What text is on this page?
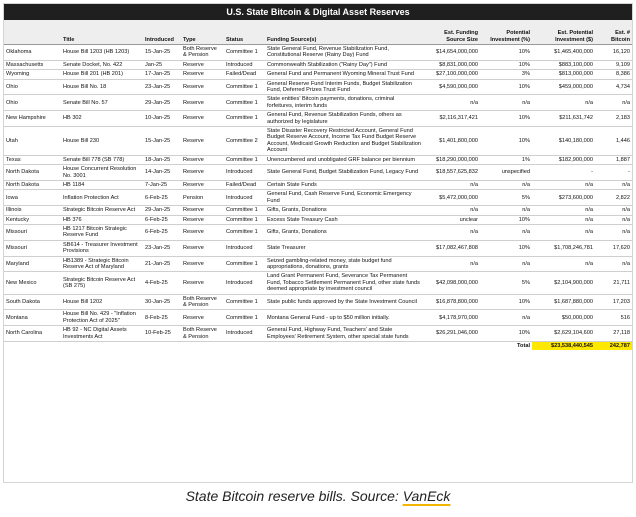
U.S. State Bitcoin & Digital Asset Reserves
	Title	Introduced	Type	Status	Funding Source(s)	Est. Funding Source Size	Potential Investment (%)	Est. Potential Investment ($)	Est. # Bitcoin
Oklahoma	House Bill 1203 (HB 1203)	15-Jan-25	Both Reserve & Pension	Committee 1	State General Fund, Revenue Stabilization Fund, Constitutional Reserve (Rainy Day) Fund	$14,654,000,000	10%	$1,465,400,000	16,120
Massachusetts	Senate Docket, No. 422	Jan-25	Reserve	Introduced	Commonwealth Stabilization ("Rainy Day") Fund	$8,831,000,000	10%	$883,100,000	9,109
Wyoming	House Bill 201 (HB 201)	17-Jan-25	Reserve	Failed/Dead	General Fund and Permanent Wyoming Mineral Trust Fund	$27,100,000,000	3%	$813,000,000	8,386
Ohio	House Bill No. 18	23-Jan-25	Reserve	Committee 1	General Reserve Fund Interim Funds, Budget Stabilization Fund, Deferred Prizes Trust Fund	$4,590,000,000	10%	$459,000,000	4,734
Ohio	Senate Bill No. 57	29-Jan-25	Reserve	Committee 1	State entities' Bitcoin payments, donations, criminal forfeitures, interim funds	n/a	n/a	n/a	n/a
New Hampshire	HB 302	10-Jan-25	Reserve	Committee 1	General Fund, Revenue Stabilization Funds, others as authorized by legislature	$2,116,317,421	10%	$211,631,742	2,183
Utah	House Bill 230	15-Jan-25	Reserve	Committee 2	State Disaster Recovery Restricted Account, General Fund Budget Reserve Account, Income Tax Fund Budget Reserve Account, Medicaid Growth Reduction and Budget Stabilization Account	$1,401,800,000	10%	$140,180,000	1,446
Texas	Senate Bill 778 (SB 778)	18-Jan-25	Reserve	Committee 1	Unencumbered and unobligated GRF balance per biennium	$18,290,000,000	1%	$182,900,000	1,887
North Dakota	House Concurrent Resolution No. 3001	14-Jan-25	Reserve	Introduced	State General Fund, Budget Stabilization Fund, Legacy Fund	$18,557,625,832	unspecified	-	-
North Dakota	HB 1184	7-Jan-25	Reserve	Failed/Dead	Certain State Funds	n/a	n/a	n/a	n/a
Iowa	Inflation Protection Act	6-Feb-25	Pension	Introduced	General Fund, Cash Reserve Fund, Economic Emergency Fund	$5,472,000,000	5%	$273,600,000	2,822
Illinois	Strategic Bitcoin Reserve Act	29-Jan-25	Reserve	Committee 1	Gifts, Grants, Donations	n/a	n/a	n/a	n/a
Kentucky	HB 376	6-Feb-25	Reserve	Committee 1	Excess State Treasury Cash	unclear	10%	n/a	n/a
Missouri	HB 1217 Bitcoin Strategic Reserve Fund	6-Feb-25	Reserve	Committee 1	Gifts, Grants, Donations	n/a	n/a	n/a	n/a
Missouri	SB614 - Treasurer Investment Provisions	23-Jan-25	Reserve	Introduced	State Treasurer	$17,082,467,808	10%	$1,708,246,781	17,620
Maryland	HB1389 - Strategic Bitcoin Reserve Act of Maryland	21-Jan-25	Reserve	Committee 1	Seized gambling-related money, state budget fund appropriations, donations, grants	n/a	n/a	n/a	n/a
New Mexico	Strategic Bitcoin Reserve Act (SB 275)	4-Feb-25	Reserve	Introduced	Land Grant Permanent Fund, Severance Tax Permanent Fund, Tobacco Settlement Permanent Fund, other state funds deemed appropriate by investment council	$42,098,000,000	5%	$2,104,900,000	21,711
South Dakota	House Bill 1202	30-Jan-25	Both Reserve & Pension	Committee 1	State public funds approved by the State Investment Council	$16,878,800,000	10%	$1,687,880,000	17,203
Montana	House Bill No. 429 - "Inflation Protection Act of 2025"	8-Feb-25	Reserve	Committee 1	Montana General Fund - up to $50 million initially.	$4,178,970,000	n/a	$50,000,000	516
North Carolina	HB 92 - NC Digital Assets Investments Act	10-Feb-25	Both Reserve & Pension	Introduced	General Fund, Highway Fund, Teachers' and State Employees' Retirement System, other special state funds	$26,291,046,000	10%	$2,629,104,600	27,118
							Total	$23,538,440,545	242,787
State Bitcoin reserve bills. Source: VanEck
